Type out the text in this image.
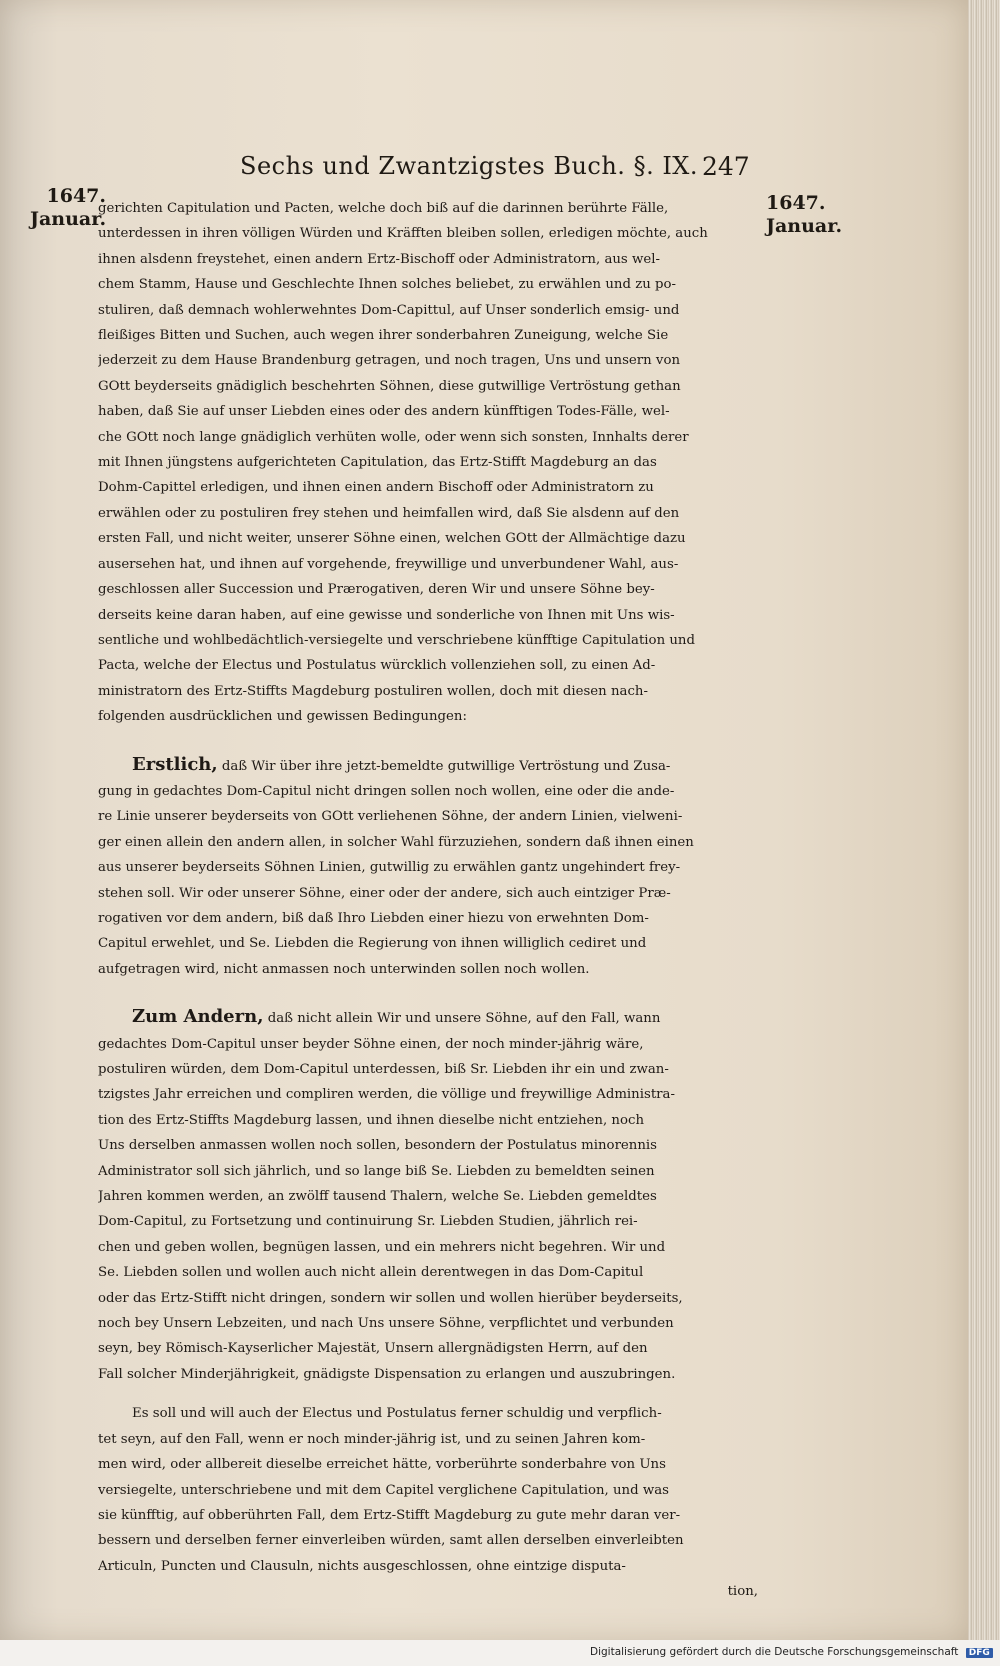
Sechs und Zwantzigstes Buch. §. IX. 247
1647.
Januar.
1647.
Januar.

gerichten Capitulation und Pacten, welche doch biß auf die darinnen berührte Fälle,
unterdessen in ihren völligen Würden und Kräfften bleiben sollen, erledigen möchte, auch
ihnen alsdenn freystehet, einen andern Ertz-Bischoff oder Administratorn, aus wel-
chem Stamm, Hause und Geschlechte Ihnen solches beliebet, zu erwählen und zu po-
stuliren, daß demnach wohlerwehntes Dom-Capittul, auf Unser sonderlich emsig- und
fleißiges Bitten und Suchen, auch wegen ihrer sonderbahren Zuneigung, welche Sie
jederzeit zu dem Hause Brandenburg getragen, und noch tragen, Uns und unsern von
GOtt beyderseits gnädiglich beschehrten Söhnen, diese gutwillige Vertröstung gethan
haben, daß Sie auf unser Liebden eines oder des andern künfftigen Todes-Fälle, wel-
che GOtt noch lange gnädiglich verhüten wolle, oder wenn sich sonsten, Innhalts derer
mit Ihnen jüngstens aufgerichteten Capitulation, das Ertz-Stifft Magdeburg an das
Dohm-Capittel erledigen, und ihnen einen andern Bischoff oder Administratorn zu
erwählen oder zu postuliren frey stehen und heimfallen wird, daß Sie alsdenn auf den
ersten Fall, und nicht weiter, unserer Söhne einen, welchen GOtt der Allmächtige dazu
ausersehen hat, und ihnen auf vorgehende, freywillige und unverbundener Wahl, aus-
geschlossen aller Succession und Prærogativen, deren Wir und unsere Söhne bey-
derseits keine daran haben, auf eine gewisse und sonderliche von Ihnen mit Uns wis-
sentliche und wohlbedächtlich-versiegelte und verschriebene künfftige Capitulation und
Pacta, welche der Electus und Postulatus würcklich vollenziehen soll, zu einen Ad-
ministratorn des Ertz-Stiffts Magdeburg postuliren wollen, doch mit diesen nach-
folgenden ausdrücklichen und gewissen Bedingungen:

Erstlich, daß Wir über ihre jetzt-bemeldte gutwillige Vertröstung und Zusa-
gung in gedachtes Dom-Capitul nicht dringen sollen noch wollen, eine oder die ande-
re Linie unserer beyderseits von GOtt verliehenen Söhne, der andern Linien, vielweni-
ger einen allein den andern allen, in solcher Wahl fürzuziehen, sondern daß ihnen einen
aus unserer beyderseits Söhnen Linien, gutwillig zu erwählen gantz ungehindert frey-
stehen soll. Wir oder unserer Söhne, einer oder der andere, sich auch eintziger Præ-
rogativen vor dem andern, biß daß Ihro Liebden einer hiezu von erwehnten Dom-
Capitul erwehlet, und Se. Liebden die Regierung von ihnen williglich cediret und
aufgetragen wird, nicht anmassen noch unterwinden sollen noch wollen.

Zum Andern, daß nicht allein Wir und unsere Söhne, auf den Fall, wann
gedachtes Dom-Capitul unser beyder Söhne einen, der noch minder-jährig wäre,
postuliren würden, dem Dom-Capitul unterdessen, biß Sr. Liebden ihr ein und zwan-
tzigstes Jahr erreichen und compliren werden, die völlige und freywillige Administra-
tion des Ertz-Stiffts Magdeburg lassen, und ihnen dieselbe nicht entziehen, noch
Uns derselben anmassen wollen noch sollen, besondern der Postulatus minorennis
Administrator soll sich jährlich, und so lange biß Se. Liebden zu bemeldten seinen
Jahren kommen werden, an zwölff tausend Thalern, welche Se. Liebden gemeldtes
Dom-Capitul, zu Fortsetzung und continuirung Sr. Liebden Studien, jährlich rei-
chen und geben wollen, begnügen lassen, und ein mehrers nicht begehren. Wir und
Se. Liebden sollen und wollen auch nicht allein derentwegen in das Dom-Capitul
oder das Ertz-Stifft nicht dringen, sondern wir sollen und wollen hierüber beyderseits,
noch bey Unsern Lebzeiten, und nach Uns unsere Söhne, verpflichtet und verbunden
seyn, bey Römisch-Kayserlicher Majestät, Unsern allergnädigsten Herrn, auf den
Fall solcher Minderjährigkeit, gnädigste Dispensation zu erlangen und auszubringen.

Es soll und will auch der Electus und Postulatus ferner schuldig und verpflich-
tet seyn, auf den Fall, wenn er noch minder-jährig ist, und zu seinen Jahren kom-
men wird, oder allbereit dieselbe erreichet hätte, vorberührte sonderbahre von Uns
versiegelte, unterschriebene und mit dem Capitel verglichene Capitulation, und was
sie künfftig, auf obberührten Fall, dem Ertz-Stifft Magdeburg zu gute mehr daran ver-
bessern und derselben ferner einverleiben würden, samt allen derselben einverleibten
Articuln, Puncten und Clausuln, nichts ausgeschlossen, ohne eintzige disputa-

tion,

Digitalisierung gefördert durch die Deutsche Forschungsgemeinschaft DFG
